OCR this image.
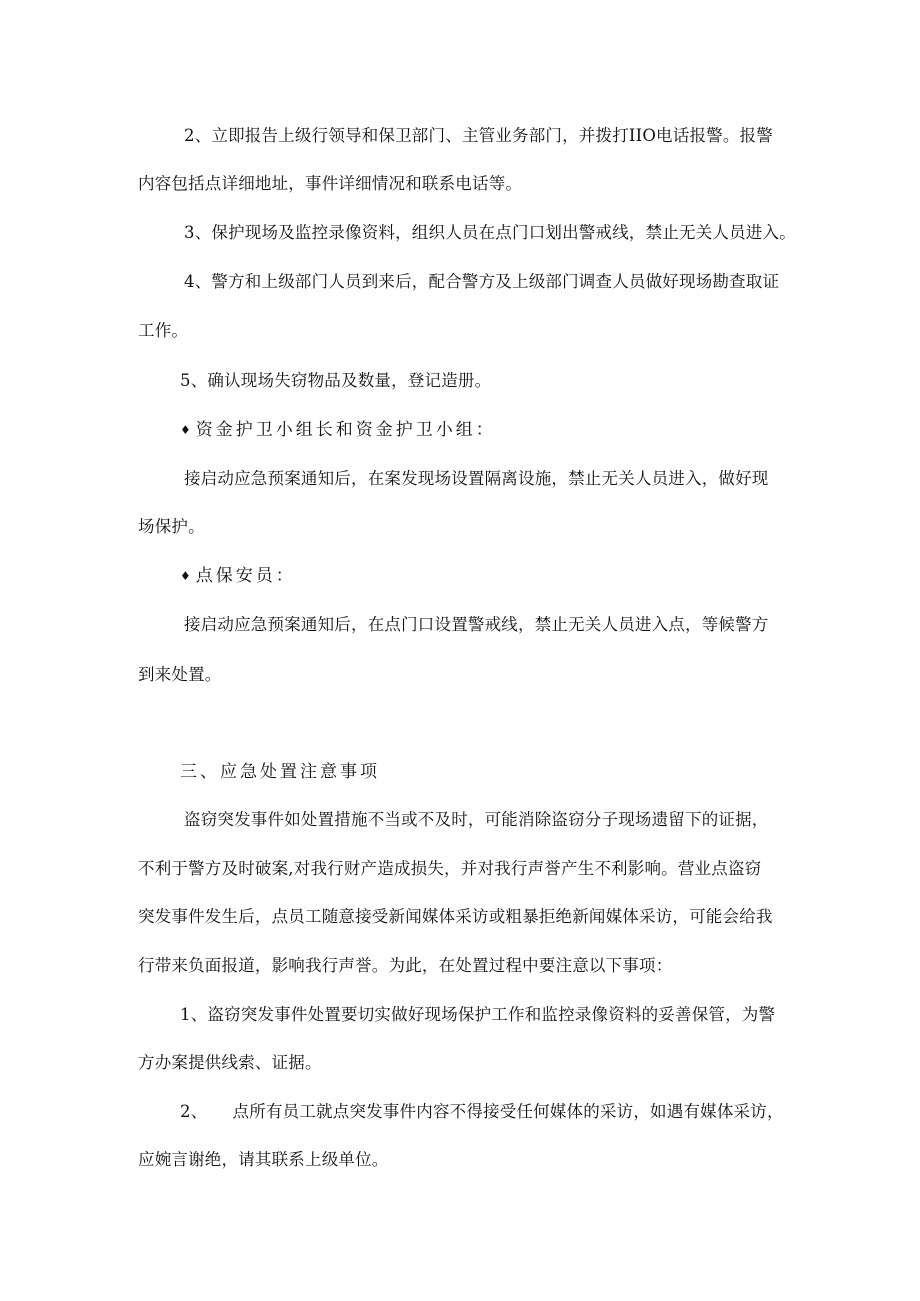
2、立即报告上级行领导和保卫部门、主管业务部门，并拨打IIO电话报警。报警
内容包括点详细地址，事件详细情况和联系电话等。
3、保护现场及监控录像资料，组织人员在点门口划出警戒线，禁止无关人员进入。
4、警方和上级部门人员到来后，配合警方及上级部门调查人员做好现场勘查取证
工作。
5、确认现场失窃物品及数量，登记造册。
♦ 资金护卫小组长和资金护卫小组：
接启动应急预案通知后，在案发现场设置隔离设施，禁止无关人员进入，做好现
场保护。
♦ 点保安员：
接启动应急预案通知后，在点门口设置警戒线，禁止无关人员进入点，等候警方
到来处置。
三、应急处置注意事项
盗窃突发事件如处置措施不当或不及时，可能消除盗窃分子现场遗留下的证据，
不利于警方及时破案,对我行财产造成损失，并对我行声誉产生不利影响。营业点盗窃
突发事件发生后，点员工随意接受新闻媒体采访或粗暴拒绝新闻媒体采访，可能会给我
行带来负面报道，影响我行声誉。为此，在处置过程中要注意以下事项：
1、盗窃突发事件处置要切实做好现场保护工作和监控录像资料的妥善保管，为警
方办案提供线索、证据。
2、　　点所有员工就点突发事件内容不得接受任何媒体的采访，如遇有媒体采访，
应婉言谢绝，请其联系上级单位。
